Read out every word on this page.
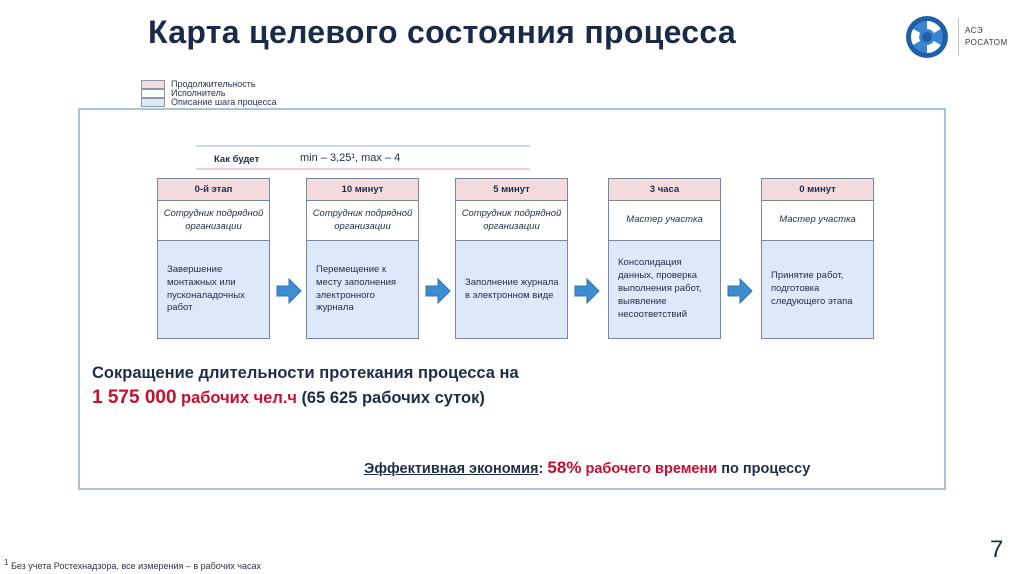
Карта целевого состояния процесса	АСЭ
РОСАТОМ
Продолжительность
Исполнитель
Описание шага процесса
Как будет	min – 3,25¹, max – 4
0-й этап
Сотрудник подрядной организации
Завершение монтажных или пусконаладочных работ
10 минут
Сотрудник подрядной организации
Перемещение к месту заполнения электронного журнала
5 минут
Сотрудник подрядной организации
Заполнение журнала в электронном виде
3 часа
Мастер участка
Консолидация данных, проверка выполнения работ, выявление несоответствий
0 минут
Мастер участка
Принятие работ, подготовка следующего этапа
Сокращение длительности протекания процесса на
1 575 000 рабочих чел.ч (65 625 рабочих суток)
Эффективная экономия: 58% рабочего времени по процессу
7
$^1$ Без учета Ростехнадзора, все измерения – в рабочих часах
